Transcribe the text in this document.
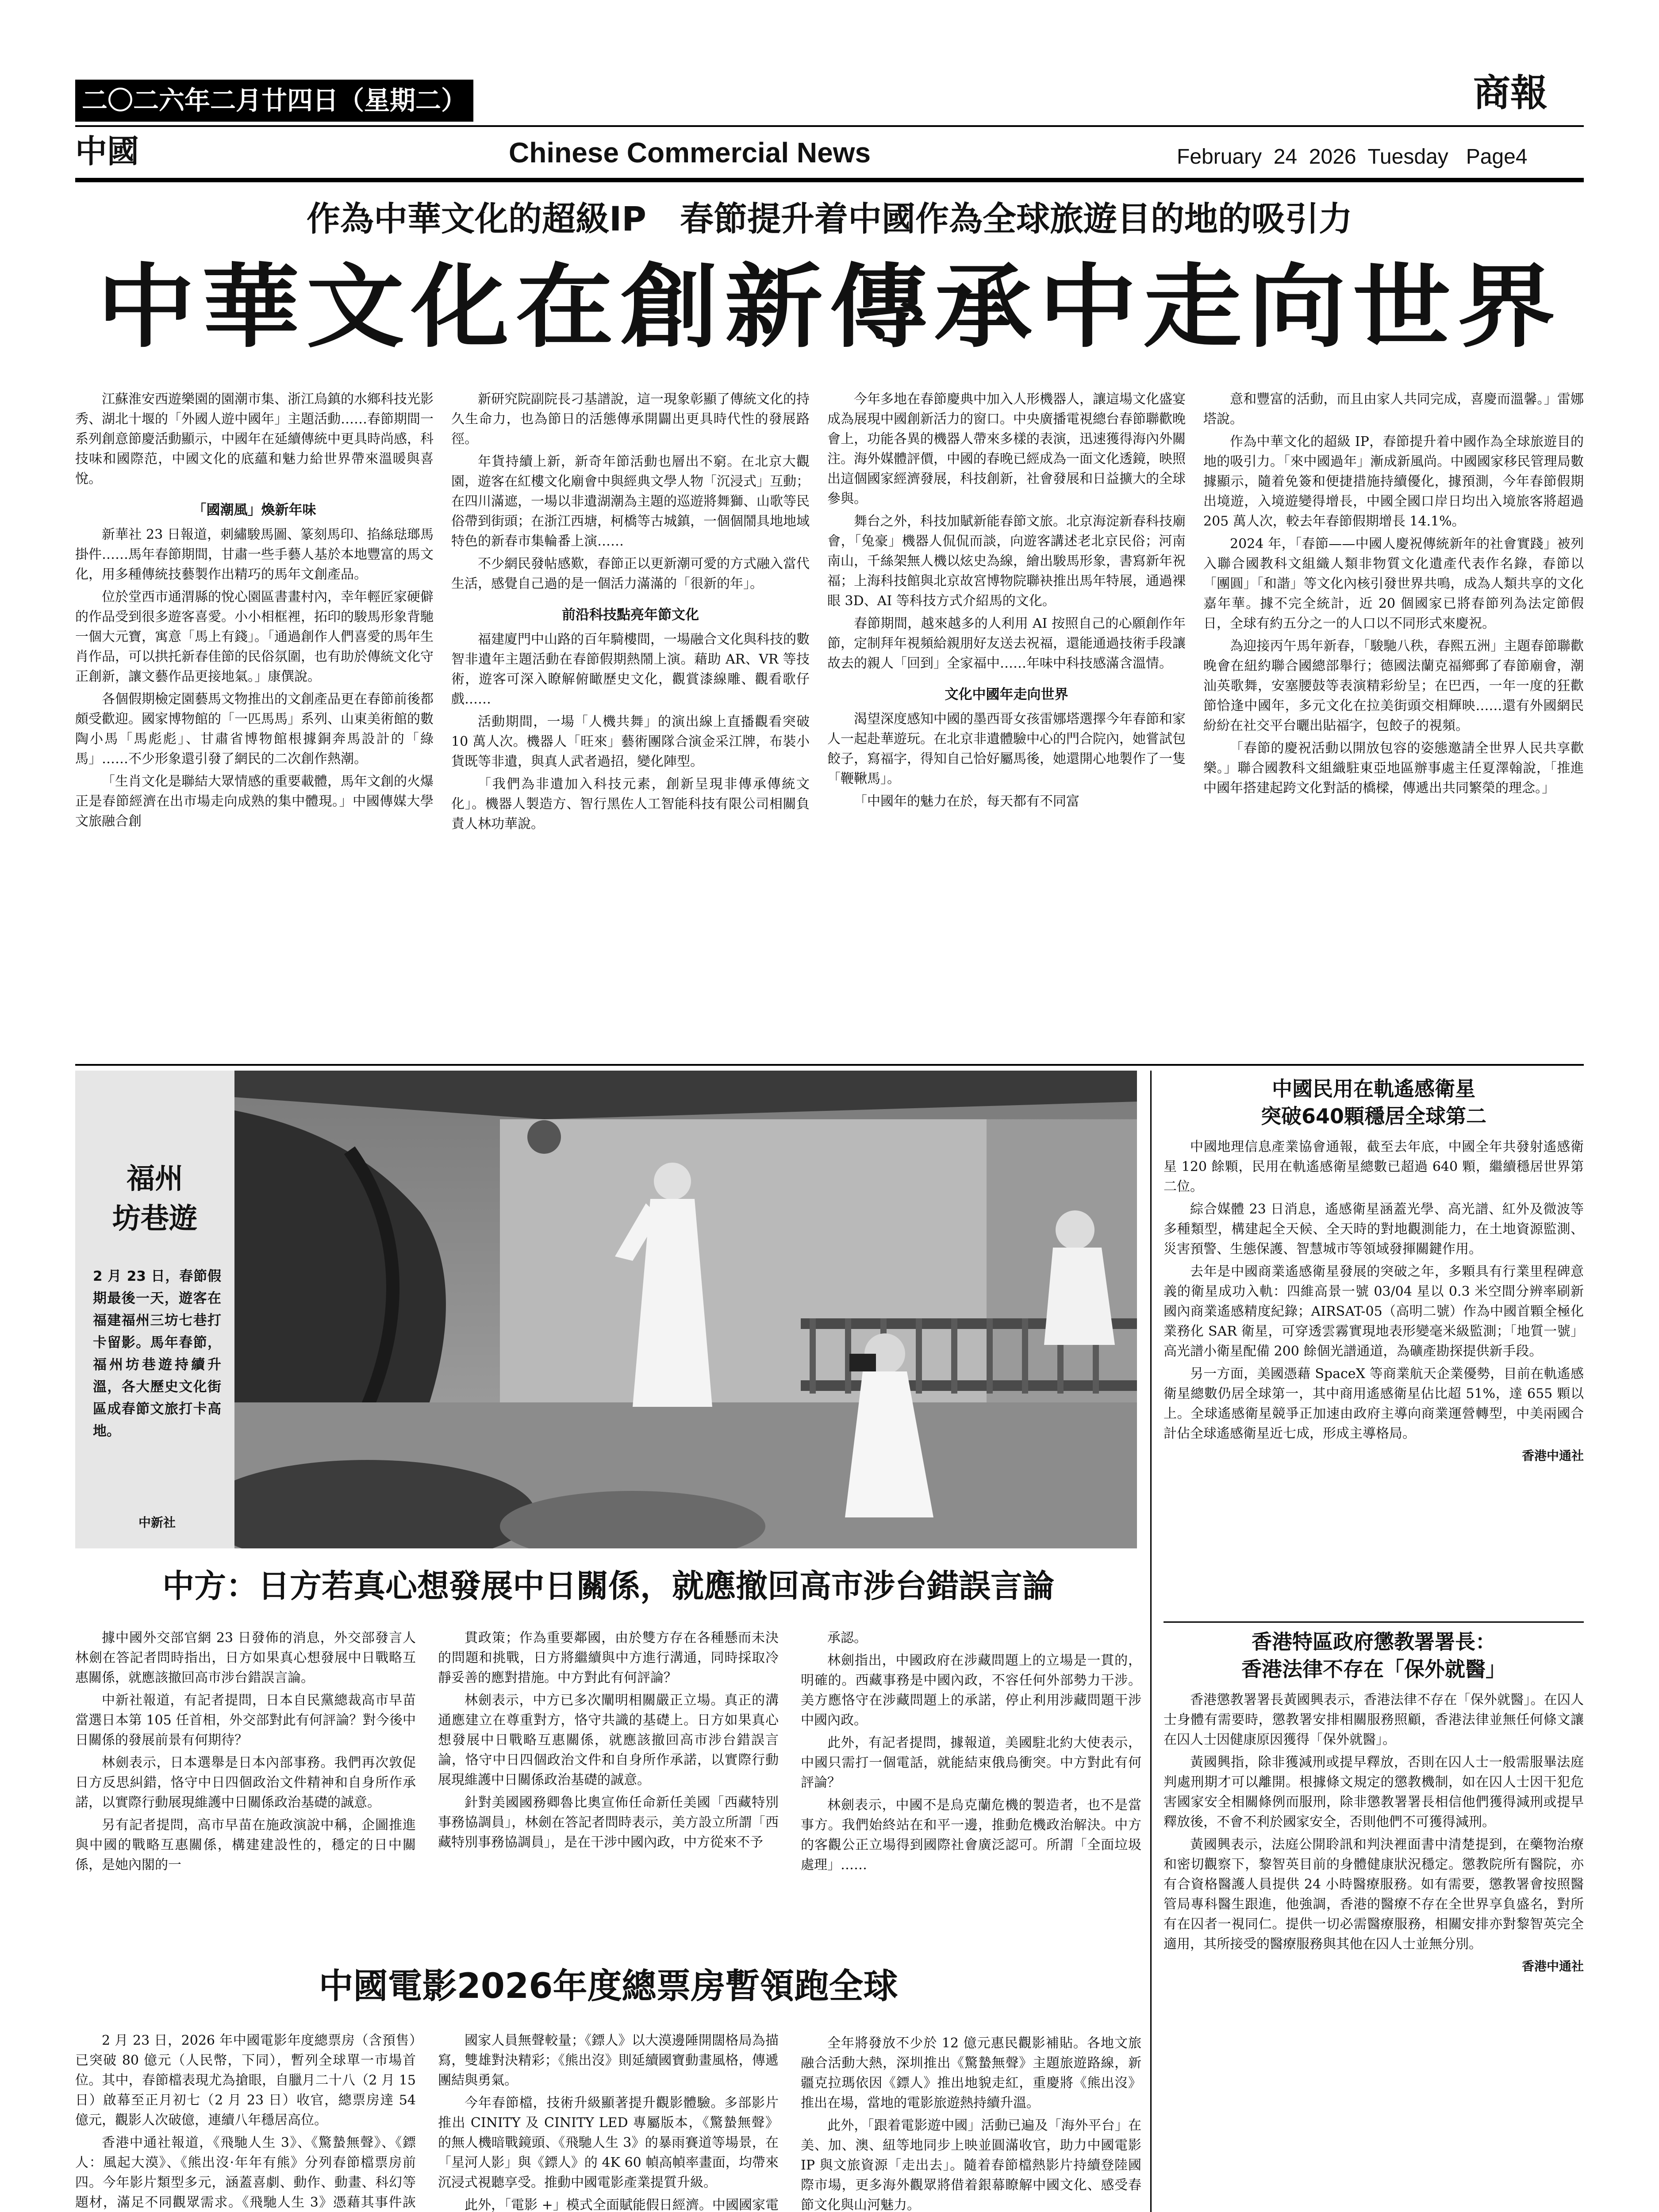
二〇二六年二月廿四日（星期二）	商報
中國	Chinese Commercial News	February  24  2026  Tuesday   Page4
作為中華文化的超級IP　春節提升着中國作為全球旅遊目的地的吸引力
中華文化在創新傳承中走向世界

江蘇淮安西遊樂園的園潮市集、浙江烏鎮的水鄉科技光影秀、湖北十堰的「外國人遊中國年」主題活動……春節期間一系列創意節慶活動顯示，中國年在延續傳統中更具時尚感，科技味和國際范，中國文化的底蘊和魅力給世界帶來溫暖與喜悅。

「國潮風」煥新年味

新華社 23 日報道，刺繡駿馬圖、篆刻馬印、掐絲琺瑯馬掛件……馬年春節期間，甘肅一些手藝人基於本地豐富的馬文化，用多種傳統技藝製作出精巧的馬年文創產品。

位於堂西市通渭縣的悅心園區書畫村內，幸年輕匠家硬僻的作品受到很多遊客喜愛。小小相框裡，拓印的駿馬形象背馳一個大元寶，寓意「馬上有錢」。「通過創作人們喜愛的馬年生肖作品，可以拱托新春佳節的民俗氛圍，也有助於傳統文化守正創新，讓文藝作品更接地氣。」康僎說。

各個假期檢定園藝馬文物推出的文創產品更在春節前後都頗受歡迎。國家博物館的「一匹馬馬」系列、山東美術館的數陶小馬「馬彪彪」、甘肅省博物館根據銅奔馬設計的「綠馬」……不少形象還引發了網民的二次創作熱潮。

「生肖文化是聯結大眾情感的重要載體，馬年文創的火爆正是春節經濟在出市場走向成熟的集中體現。」中國傳媒大學文旅融合創

新研究院副院長刁基譜說，這一現象彰顯了傳統文化的持久生命力，也為節日的活態傳承開闢出更具時代性的發展路徑。

年貨持續上新，新奇年節活動也層出不窮。在北京大觀園，遊客在紅樓文化廟會中與經典文學人物「沉浸式」互動；在四川滿遮，一場以非遺湖潮為主題的巡遊將舞獅、山歌等民俗帶到街頭；在浙江西塘，柯橋等古城鎮，一個個鬧具地地域特色的新春市集輪番上演……

不少網民發帖感歎，春節正以更新潮可愛的方式融入當代生活，感覺自己過的是一個活力滿滿的「很新的年」。

前沿科技點亮年節文化

福建廈門中山路的百年騎樓間，一場融合文化與科技的數智非遺年主題活動在春節假期熱鬧上演。藉助 AR、VR 等技術，遊客可深入瞭解俯瞰歷史文化，觀賞漆線雕、觀看歌仔戲……

活動期間，一場「人機共舞」的演出線上直播觀看突破 10 萬人次。機器人「旺來」藝術團隊合演金采江牌，布裝小貨既等非遺，與真人武者過招，變化陣型。

「我們為非遺加入科技元素，創新呈現非傳承傳統文化」。機器人製造方、智行黑佐人工智能科技有限公司相關負責人林功華說。

今年多地在春節慶典中加入人形機器人，讓這場文化盛宴成為展現中國創新活力的窗口。中央廣播電視總台春節聯歡晚會上，功能各異的機器人帶來多樣的表演，迅速獲得海內外關注。海外媒體評價，中國的春晚已經成為一面文化透鏡，映照出這個國家經濟發展，科技創新，社會發展和日益擴大的全球參與。

舞台之外，科技加賦新能春節文旅。北京海淀新春科技廟會，「兔豪」機器人侃侃而談，向遊客講述老北京民俗；河南南山，千絲架無人機以炫史為線，繪出駿馬形象，書寫新年祝福；上海科技館與北京故宮博物院聯袂推出馬年特展，通過裸眼 3D、AI 等科技方式介紹馬的文化。

春節期間，越來越多的人利用 AI 按照自己的心願創作年節，定制拜年視頻給親朋好友送去祝福，還能通過技術手段讓故去的親人「回到」全家福中……年味中科技感滿含溫情。

文化中國年走向世界

渴望深度感知中國的墨西哥女孩雷娜塔選擇今年春節和家人一起赴華遊玩。在北京非遺體驗中心的門合院內，她嘗試包餃子，寫福字，得知自己恰好屬馬後，她還開心地製作了一隻「鞭鞦馬」。

「中國年的魅力在於，每天都有不同富

意和豐富的活動，而且由家人共同完成，喜慶而溫馨。」雷娜塔說。

作為中華文化的超級 IP，春節提升着中國作為全球旅遊目的地的吸引力。「來中國過年」漸成新風尚。中國國家移民管理局數據顯示，隨着免簽和便捷措施持續優化，據預測，今年春節假期出境遊，入境遊變得增長，中國全國口岸日均出入境旅客將超過 205 萬人次，較去年春節假期增長 14.1%。

2024 年，「春節——中國人慶祝傳統新年的社會實踐」被列入聯合國教科文組織人類非物質文化遺產代表作名錄，春節以「團圓」「和諧」等文化內核引發世界共鳴，成為人類共享的文化嘉年華。據不完全統計，近 20 個國家已將春節列為法定節假日，全球有約五分之一的人口以不同形式來慶祝。

為迎接丙午馬年新春，「駿馳八秩，春熙五洲」主題春節聯歡晚會在紐約聯合國總部舉行；德國法蘭克福鄉郵了春節廟會，潮汕英歌舞，安塞腰鼓等表演精彩紛呈；在巴西，一年一度的狂歡節恰逢中國年，多元文化在拉美街頭交相輝映……還有外國網民紛紛在社交平台曬出貼福字，包餃子的視頻。

「春節的慶祝活動以開放包容的姿態邀請全世界人民共享歡樂。」聯合國教科文組織駐東亞地區辦事處主任夏澤翰說，「推進中國年搭建起跨文化對話的橋樑，傳遞出共同繁榮的理念。」

福州
坊巷遊
2 月 23 日，春節假期最後一天，遊客在福建福州三坊七巷打卡留影。馬年春節，福州坊巷遊持續升溫，各大歷史文化街區成春節文旅打卡高地。
中新社
中國民用在軌遙感衛星
突破640顆穩居全球第二

中國地理信息產業協會通報，截至去年底，中國全年共發射遙感衛星 120 餘顆，民用在軌遙感衛星總數已超過 640 顆，繼續穩居世界第二位。

綜合媒體 23 日消息，遙感衛星涵蓋光學、高光譜、紅外及微波等多種類型，構建起全天候、全天時的對地觀測能力，在土地資源監測、災害預警、生態保護、智慧城市等領域發揮關鍵作用。

去年是中國商業遙感衛星發展的突破之年，多顆具有行業里程碑意義的衛星成功入軌：四維高景一號 03/04 星以 0.3 米空間分辨率刷新國內商業遙感精度紀錄；AIRSAT-05（高明二號）作為中國首顆全極化業務化 SAR 衛星，可穿透雲霧實現地表形變毫米級監測；「地質一號」高光譜小衛星配備 200 餘個光譜通道，為礦產勘探提供新手段。

另一方面，美國憑藉 SpaceX 等商業航天企業優勢，目前在軌遙感衛星總數仍居全球第一，其中商用遙感衛星佔比超 51%，達 655 顆以上。全球遙感衛星競爭正加速由政府主導向商業運營轉型，中美兩國合計佔全球遙感衛星近七成，形成主導格局。

香港中通社
香港特區政府懲教署署長：
香港法律不存在「保外就醫」

香港懲教署署長黃國興表示，香港法律不存在「保外就醫」。在囚人士身體有需要時，懲教署安排相關服務照顧，香港法律並無任何條文讓在囚人士因健康原因獲得「保外就醫」。

黃國興指，除非獲減刑或提早釋放，否則在囚人士一般需服畢法庭判處刑期才可以離開。根據條文規定的懲教機制，如在囚人士因干犯危害國家安全相關條例而服刑，除非懲教署署長相信他們獲得減刑或提早釋放後，不會不利於國家安全，否則他們不可獲得減刑。

黃國興表示，法庭公開聆訊和判決裡面書中清楚提到，在藥物治療和密切觀察下，黎智英目前的身體健康狀況穩定。懲教院所有醫院，亦有合資格醫護人員提供 24 小時醫療服務。如有需要，懲教署會按照醫管局專科醫生跟進，他強調，香港的醫療不存在全世界享負盛名，對所有在囚者一視同仁。提供一切必需醫療服務，相關安排亦對黎智英完全適用，其所接受的醫療服務與其他在囚人士並無分別。

香港中通社

中方：日方若真心想發展中日關係，就應撤回高市涉台錯誤言論

據中國外交部官網 23 日發佈的消息，外交部發言人林劍在答記者問時指出，日方如果真心想發展中日戰略互惠關係，就應該撤回高市涉台錯誤言論。

中新社報道，有記者提問，日本自民黨總裁高市早苗當選日本第 105 任首相，外交部對此有何評論？對今後中日關係的發展前景有何期待？

林劍表示，日本選舉是日本內部事務。我們再次敦促日方反思糾錯，恪守中日四個政治文件精神和自身所作承諾，以實際行動展現維護中日關係政治基礎的誠意。

另有記者提問，高市早苗在施政演說中稱，企圖推進與中國的戰略互惠關係，構建建設性的，穩定的日中關係，是她內閣的一

貫政策；作為重要鄰國，由於雙方存在各種懸而未決的問題和挑戰，日方將繼續與中方進行溝通，同時採取冷靜妥善的應對措施。中方對此有何評論？

林劍表示，中方已多次闡明相關嚴正立場。真正的溝通應建立在尊重對方，恪守共識的基礎上。日方如果真心想發展中日戰略互惠關係，就應該撤回高市涉台錯誤言論，恪守中日四個政治文件和自身所作承諾，以實際行動展現維護中日關係政治基礎的誠意。

針對美國國務卿魯比奧宣佈任命新任美國「西藏特別事務協調員」，林劍在答記者問時表示，美方設立所謂「西藏特別事務協調員」，是在干涉中國內政，中方從來不予

承認。

林劍指出，中國政府在涉藏問題上的立場是一貫的，明確的。西藏事務是中國內政，不容任何外部勢力干涉。美方應恪守在涉藏問題上的承諾，停止利用涉藏問題干涉中國內政。

此外，有記者提問，據報道，美國駐北約大使表示，中國只需打一個電話，就能結束俄烏衝突。中方對此有何評論？

林劍表示，中國不是烏克蘭危機的製造者，也不是當事方。我們始終站在和平一邊，推動危機政治解決。中方的客觀公正立場得到國際社會廣泛認可。所謂「全面垃圾處理」……

中國電影2026年度總票房暫領跑全球

2 月 23 日，2026 年中國電影年度總票房（含預售）已突破 80 億元（人民幣，下同），暫列全球單一市場首位。其中，春節檔表現尤為搶眼，自臘月二十八（2 月 15 日）啟幕至正月初七（2 月 23 日）收官，總票房達 54 億元，觀影人次破億，連續八年穩居高位。

香港中通社報道，《飛馳人生 3》、《驚蟄無聲》、《鏢人：風起大漠》、《熊出沒·年年有熊》分列春節檔票房前四。今年影片類型多元，涵蓋喜劇、動作、動畫、科幻等題材，滿足不同觀眾需求。《飛馳人生 3》憑藉其事件詼

國家人員無聲較量；《鏢人》以大漠邊陲開闊格局為描寫，雙雄對決精彩；《熊出沒》則延續國寶動畫風格，傳遞團結與勇氣。

今年春節檔，技術升級顯著提升觀影體驗。多部影片推出 CINITY 及 CINITY LED 專屬版本，《驚蟄無聲》的無人機暗戰鏡頭、《飛馳人生 3》的暴雨賽道等場景，在「星河人影」與《鏢人》的 4K 60 幀高幀率畫面，均帶來沉浸式視聽享受。推動中國電影產業提質升級。

此外，「電影 +」模式全面賦能假日經濟。中國國家電

全年將發放不少於 12 億元惠民觀影補貼。各地文旅融合活動大熱，深圳推出《驚蟄無聲》主題旅遊路線，新疆克拉瑪依因《鏢人》推出地貌走紅，重慶將《熊出沒》推出在場，當地的電影旅遊熱持續升溫。

此外，「跟着電影遊中國」活動已遍及「海外平台」在美、加、澳、紐等地同步上映並圓滿收官，助力中國電影 IP 與文旅資源「走出去」。隨着春節檔熱影片持續登陸國際市場，更多海外觀眾將借着銀幕瞭解中國文化、感受春節文化與山河魅力。
